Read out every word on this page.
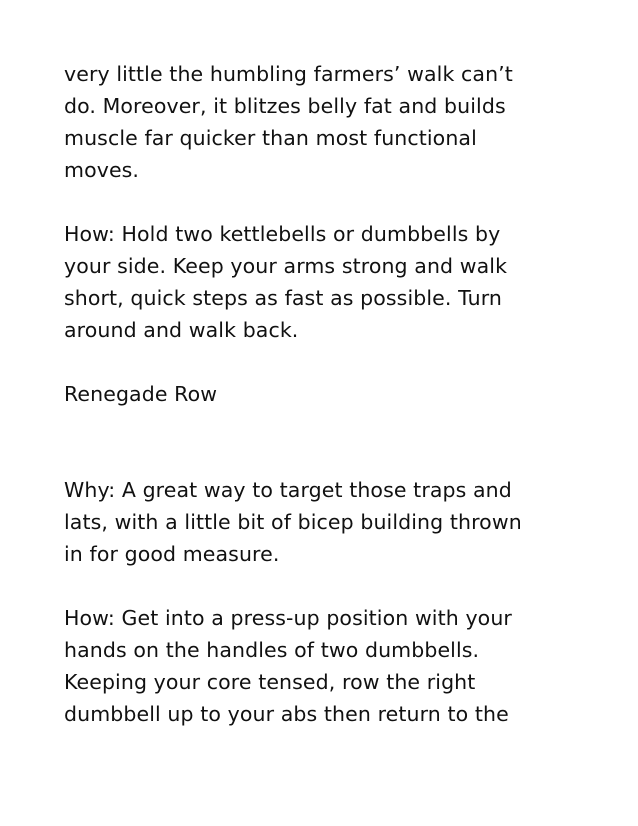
very little the humbling farmers’ walk can’t
do. Moreover, it blitzes belly fat and builds
muscle far quicker than most functional
moves.
How: Hold two kettlebells or dumbbells by
your side. Keep your arms strong and walk
short, quick steps as fast as possible. Turn
around and walk back.
Renegade Row
Why: A great way to target those traps and
lats, with a little bit of bicep building thrown
in for good measure.
How: Get into a press-up position with your
hands on the handles of two dumbbells.
Keeping your core tensed, row the right
dumbbell up to your abs then return to the
